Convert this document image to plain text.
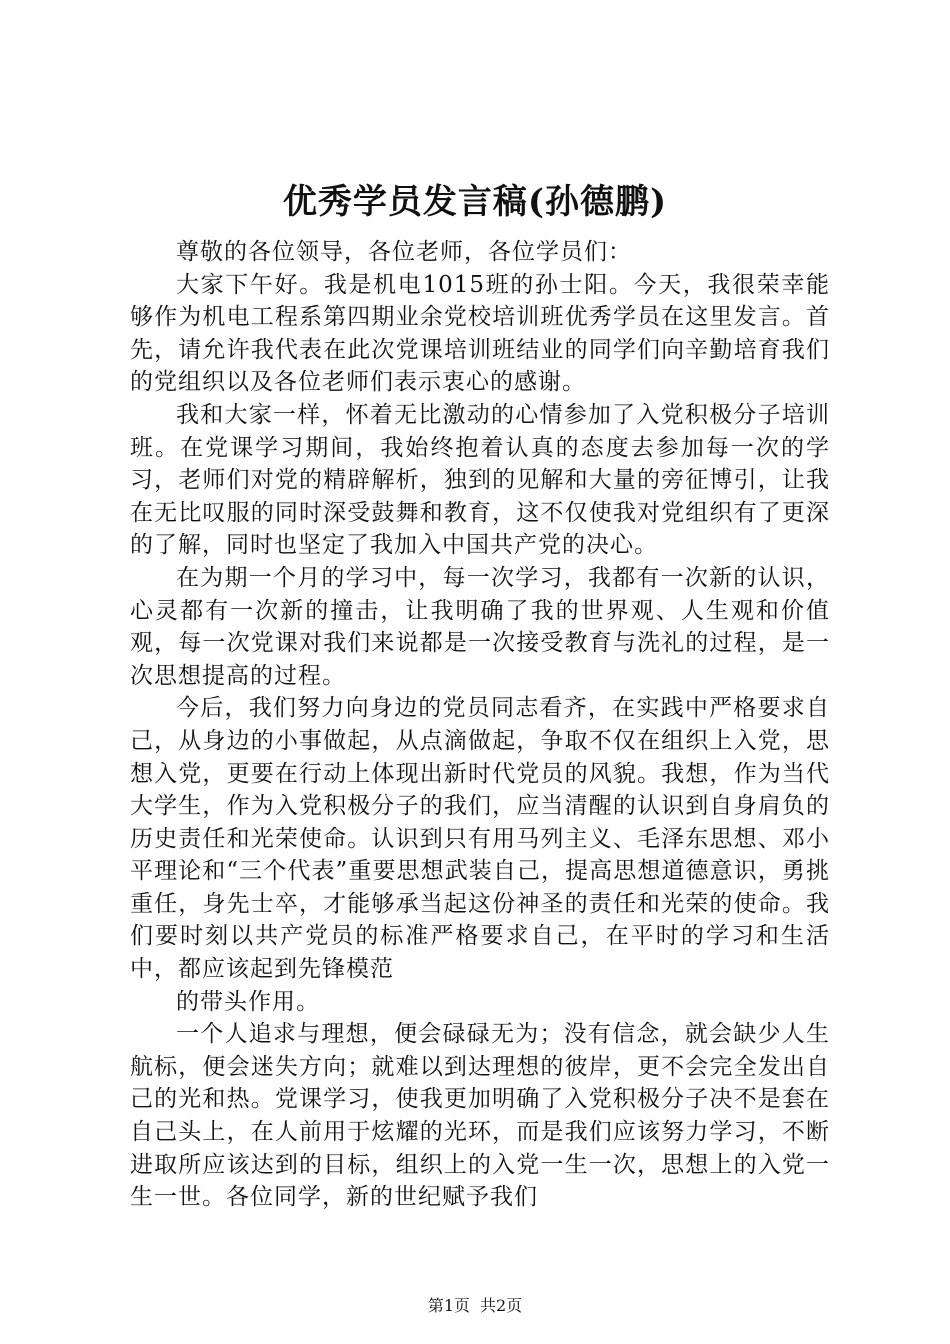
优秀学员发言稿(孙德鹏)

尊敬的各位领导，各位老师，各位学员们：

大家下午好。我是机电1015班的孙士阳。今天，我很荣幸能够作为机电工程系第四期业余党校培训班优秀学员在这里发言。首先，请允许我代表在此次党课培训班结业的同学们向辛勤培育我们的党组织以及各位老师们表示衷心的感谢。

我和大家一样，怀着无比激动的心情参加了入党积极分子培训班。在党课学习期间，我始终抱着认真的态度去参加每一次的学习，老师们对党的精辟解析，独到的见解和大量的旁征博引，让我在无比叹服的同时深受鼓舞和教育，这不仅使我对党组织有了更深的了解，同时也坚定了我加入中国共产党的决心。

在为期一个月的学习中，每一次学习，我都有一次新的认识，心灵都有一次新的撞击，让我明确了我的世界观、人生观和价值观，每一次党课对我们来说都是一次接受教育与洗礼的过程，是一次思想提高的过程。

今后，我们努力向身边的党员同志看齐，在实践中严格要求自己，从身边的小事做起，从点滴做起，争取不仅在组织上入党，思想入党，更要在行动上体现出新时代党员的风貌。我想，作为当代大学生，作为入党积极分子的我们，应当清醒的认识到自身肩负的历史责任和光荣使命。认识到只有用马列主义、毛泽东思想、邓小平理论和“三个代表”重要思想武装自己，提高思想道德意识，勇挑重任，身先士卒，才能够承当起这份神圣的责任和光荣的使命。我们要时刻以共产党员的标准严格要求自己，在平时的学习和生活中，都应该起到先锋模范

的带头作用。

一个人追求与理想，便会碌碌无为；没有信念，就会缺少人生航标，便会迷失方向；就难以到达理想的彼岸，更不会完全发出自己的光和热。党课学习，使我更加明确了入党积极分子决不是套在自己头上，在人前用于炫耀的光环，而是我们应该努力学习，不断进取所应该达到的目标，组织上的入党一生一次，思想上的入党一生一世。各位同学，新的世纪赋予我们

第1页 共2页
